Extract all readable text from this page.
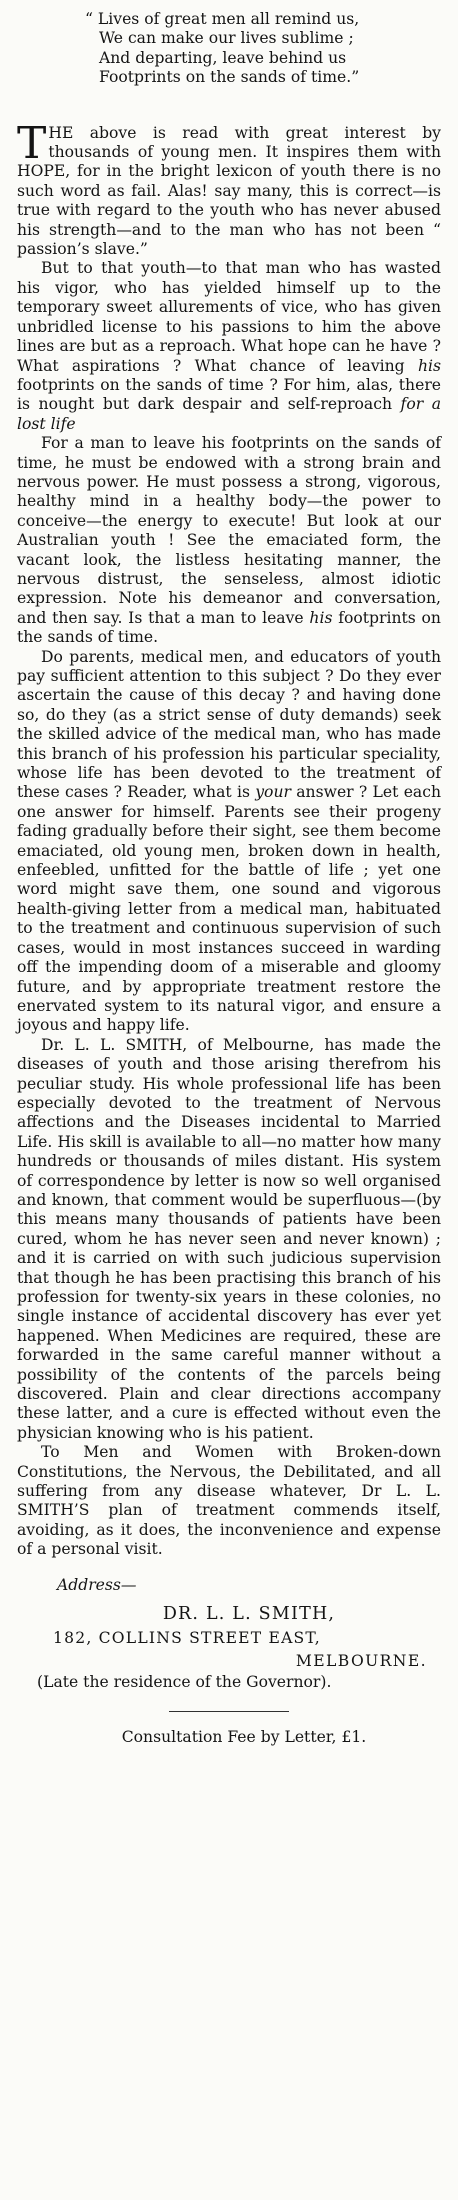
“ Lives of great men all remind us,
We can make our lives sublime ;
And departing, leave behind us
Footprints on the sands of time.”

THE above is read with great interest by thousands of young men. It inspires them with HOPE, for in the bright lexicon of youth there is no such word as fail. Alas! say many, this is correct—is true with regard to the youth who has never abused his strength—and to the man who has not been “ passion’s slave.”

But to that youth—to that man who has wasted his vigor, who has yielded himself up to the temporary sweet allurements of vice, who has given unbridled license to his passions to him the above lines are but as a reproach. What hope can he have ? What aspirations ? What chance of leaving his footprints on the sands of time ? For him, alas, there is nought but dark despair and self-reproach for a lost life

For a man to leave his footprints on the sands of time, he must be endowed with a strong brain and nervous power. He must possess a strong, vigorous, healthy mind in a healthy body—the power to conceive—the energy to execute! But look at our Australian youth ! See the emaciated form, the vacant look, the listless hesitating manner, the nervous distrust, the senseless, almost idiotic expression. Note his demeanor and conversation, and then say. Is that a man to leave his footprints on the sands of time.

Do parents, medical men, and educators of youth pay sufficient attention to this subject ? Do they ever ascertain the cause of this decay ? and having done so, do they (as a strict sense of duty demands) seek the skilled advice of the medical man, who has made this branch of his profession his particular speciality, whose life has been devoted to the treatment of these cases ? Reader, what is your answer ? Let each one answer for himself. Parents see their progeny fading gradually before their sight, see them become emaciated, old young men, broken down in health, enfeebled, unfitted for the battle of life ; yet one word might save them, one sound and vigorous health-giving letter from a medical man, habituated to the treatment and continuous supervision of such cases, would in most instances succeed in warding off the impending doom of a miserable and gloomy future, and by appropriate treatment restore the enervated system to its natural vigor, and ensure a joyous and happy life.

Dr. L. L. SMITH, of Melbourne, has made the diseases of youth and those arising therefrom his peculiar study. His whole professional life has been especially devoted to the treatment of Nervous affections and the Diseases incidental to Married Life. His skill is available to all—no matter how many hundreds or thousands of miles distant. His system of correspondence by letter is now so well organised and known, that comment would be superfluous—(by this means many thousands of patients have been cured, whom he has never seen and never known) ; and it is carried on with such judicious supervision that though he has been practising this branch of his profession for twenty-six years in these colonies, no single instance of accidental discovery has ever yet happened. When Medicines are required, these are forwarded in the same careful manner without a possibility of the contents of the parcels being discovered. Plain and clear directions accompany these latter, and a cure is effected without even the physician knowing who is his patient.

To Men and Women with Broken-down Constitutions, the Nervous, the Debilitated, and all suffering from any disease whatever, Dr L. L. SMITH’S plan of treatment commends itself, avoiding, as it does, the inconvenience and expense of a personal visit.

Address—
DR. L. L. SMITH,
182, COLLINS STREET EAST,
MELBOURNE.
(Late the residence of the Governor).
Consultation Fee by Letter, £1.
